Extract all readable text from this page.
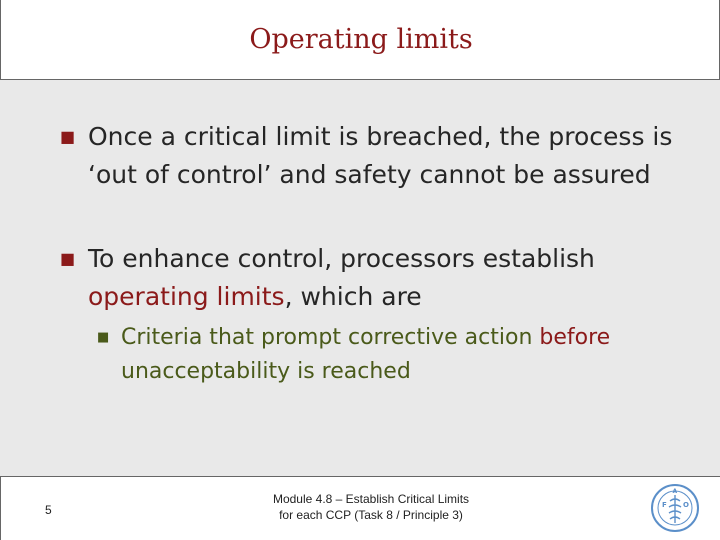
Operating limits
■ Once a critical limit is breached, the process is ‘out of control’ and safety cannot be assured
■ To enhance control, processors establish operating limits, which are
■ Criteria that prompt corrective action before unacceptability is reached
5
Module 4.8 – Establish Critical Limits
for each CCP (Task 8 / Principle 3)
F
A
O
